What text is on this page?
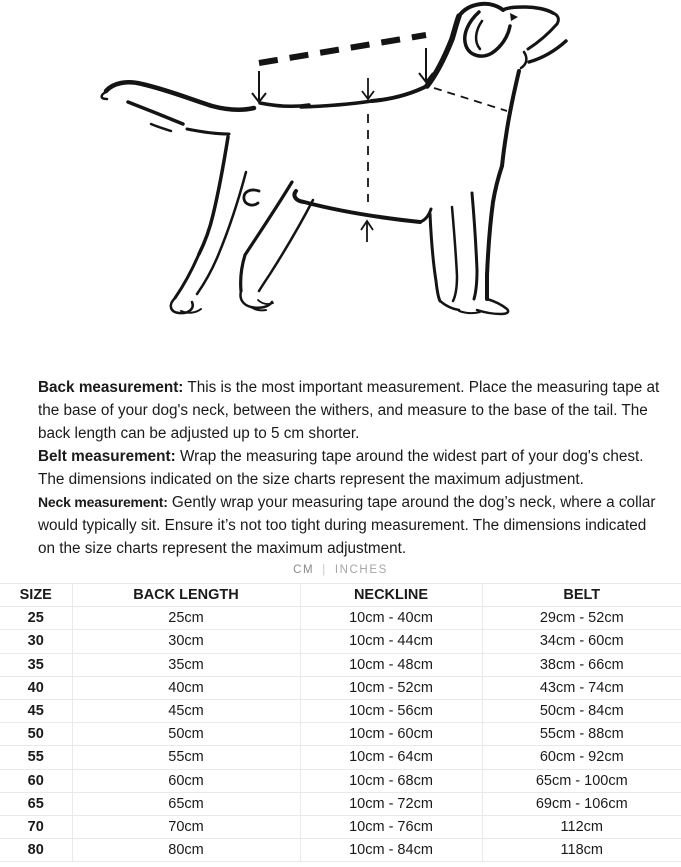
Back measurement: This is the most important measurement. Place the measuring tape at the base of your dog's neck, between the withers, and measure to the base of the tail. The back length can be adjusted up to 5 cm shorter.

Belt measurement: Wrap the measuring tape around the widest part of your dog's chest. The dimensions indicated on the size charts represent the maximum adjustment.

Neck measurement: Gently wrap your measuring tape around the dog’s neck, where a collar would typically sit. Ensure it’s not too tight during measurement. The dimensions indicated on the size charts represent the maximum adjustment.

CM | INCHES
SIZE	BACK LENGTH	NECKLINE	BELT
25	25cm	10cm - 40cm	29cm - 52cm
30	30cm	10cm - 44cm	34cm - 60cm
35	35cm	10cm - 48cm	38cm - 66cm
40	40cm	10cm - 52cm	43cm - 74cm
45	45cm	10cm - 56cm	50cm - 84cm
50	50cm	10cm - 60cm	55cm - 88cm
55	55cm	10cm - 64cm	60cm - 92cm
60	60cm	10cm - 68cm	65cm - 100cm
65	65cm	10cm - 72cm	69cm - 106cm
70	70cm	10cm - 76cm	112cm
80	80cm	10cm - 84cm	118cm
